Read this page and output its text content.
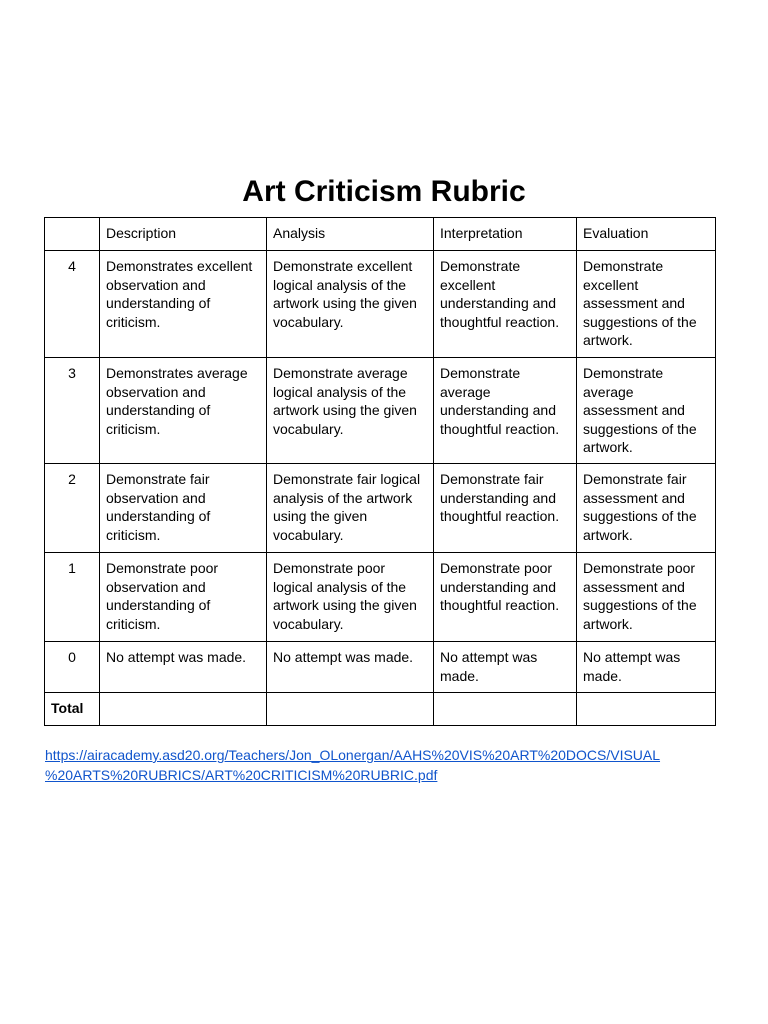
Art Criticism Rubric
	Description	Analysis	Interpretation	Evaluation
4	Demonstrates excellent observation and understanding of criticism.	Demonstrate excellent logical analysis of the artwork using the given vocabulary.	Demonstrate excellent understanding and thoughtful reaction.	Demonstrate excellent assessment and suggestions of the artwork.
3	Demonstrates average observation and understanding of criticism.	Demonstrate average logical analysis of the artwork using the given vocabulary.	Demonstrate average understanding and thoughtful reaction.	Demonstrate average assessment and suggestions of the artwork.
2	Demonstrate fair observation and understanding of criticism.	Demonstrate fair logical analysis of the artwork using the given vocabulary.	Demonstrate fair understanding and thoughtful reaction.	Demonstrate fair assessment and suggestions of the artwork.
1	Demonstrate poor observation and understanding of criticism.	Demonstrate poor logical analysis of the artwork using the given vocabulary.	Demonstrate poor understanding and thoughtful reaction.	Demonstrate poor assessment and suggestions of the artwork.
0	No attempt was made.	No attempt was made.	No attempt was made.	No attempt was made.
Total				
https://airacademy.asd20.org/Teachers/Jon_OLonergan/AAHS%20VIS%20ART%20DOCS/VISUAL
%20ARTS%20RUBRICS/ART%20CRITICISM%20RUBRIC.pdf
